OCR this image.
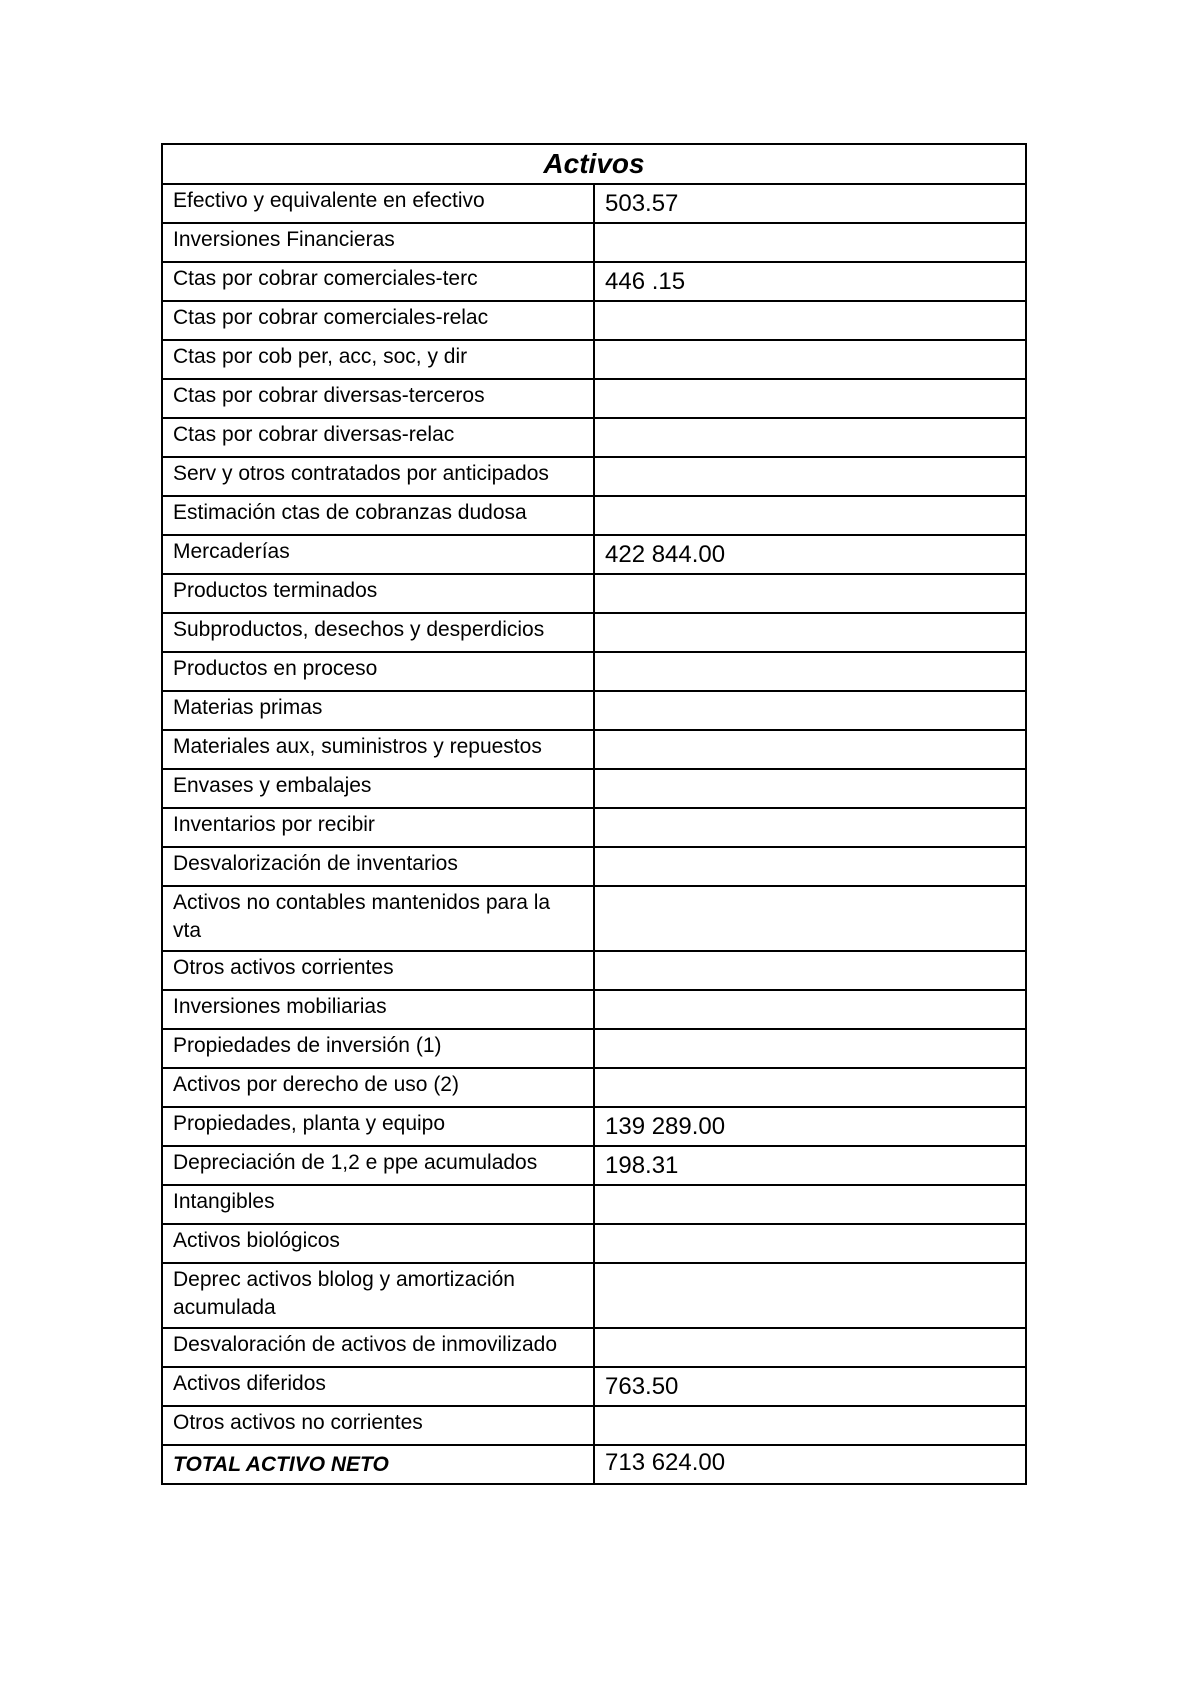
Activos	
Efectivo y equivalente en efectivo	503.57
Inversiones Financieras	
Ctas por cobrar comerciales-terc	446 .15
Ctas por cobrar comerciales-relac	
Ctas por cob per, acc, soc, y dir	
Ctas por cobrar diversas-terceros	
Ctas por cobrar diversas-relac	
Serv y otros contratados por anticipados	
Estimación ctas de cobranzas dudosa	
Mercaderías	422 844.00
Productos terminados	
Subproductos, desechos y desperdicios	
Productos en proceso	
Materias primas	
Materiales aux, suministros y repuestos	
Envases y embalajes	
Inventarios por recibir	
Desvalorización de inventarios	
Activos no contables mantenidos para la vta	
Otros activos corrientes	
Inversiones mobiliarias	
Propiedades de inversión (1)	
Activos por derecho de uso (2)	
Propiedades, planta y equipo	139 289.00
Depreciación de 1,2 e ppe acumulados	198.31
Intangibles	
Activos biológicos	
Deprec activos blolog y amortización acumulada	
Desvaloración de activos de inmovilizado	
Activos diferidos	763.50
Otros activos no corrientes	
TOTAL ACTIVO NETO	713 624.00
